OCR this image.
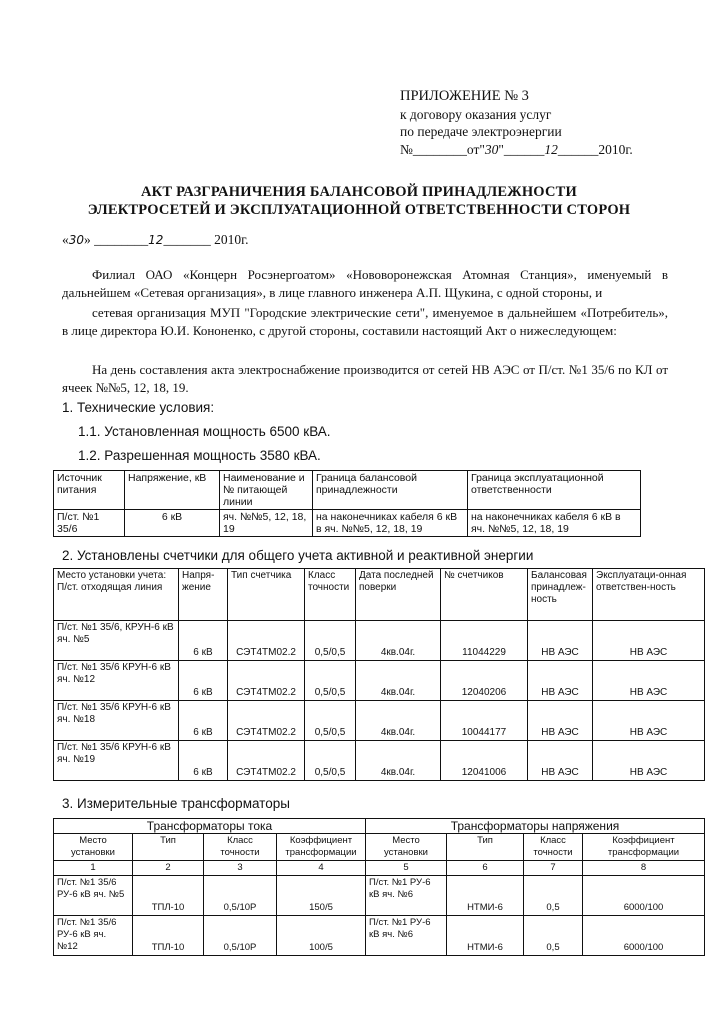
ПРИЛОЖЕНИЕ № 3
к договору оказания услуг
по передаче электроэнергии
№________от"30"______12______2010г.
АКТ РАЗГРАНИЧЕНИЯ БАЛАНСОВОЙ ПРИНАДЛЕЖНОСТИ
ЭЛЕКТРОСЕТЕЙ И ЭКСПЛУАТАЦИОННОЙ ОТВЕТСТВЕННОСТИ СТОРОН
«30» ________12_______ 2010г.
Филиал ОАО «Концерн Росэнергоатом» «Нововоронежская Атомная Станция», именуемый в дальнейшем «Сетевая организация», в лице главного инженера А.П. Щукина, с одной стороны, и
сетевая организация МУП "Городские электрические сети", именуемое в дальнейшем «Потребитель», в лице директора Ю.И. Кононенко, с другой стороны, составили настоящий Акт о нижеследующем:
На день составления акта электроснабжение производится от сетей НВ АЭС от П/ст. №1 35/6 по КЛ от ячеек №№5, 12, 18, 19.
1. Технические условия:
1.1. Установленная мощность 6500 кВА.
1.2. Разрешенная мощность 3580 кВА.
Источник питания	Напряжение, кВ	Наименование и № питающей линии	Граница балансовой принадлежности	Граница эксплуатационной ответственности
П/ст. №1 35/6	6 кВ	яч. №№5, 12, 18, 19	на наконечниках кабеля 6 кВ в яч. №№5, 12, 18, 19	на наконечниках кабеля 6 кВ в яч. №№5, 12, 18, 19
2. Установлены счетчики для общего учета активной и реактивной энергии
Место установки учета: П/ст. отходящая линия	Напря-жение	Тип счетчика	Класс точности	Дата последней поверки	№ счетчиков	Балансовая принадлеж-ность	Эксплуатаци-онная ответствен-ность
П/ст. №1 35/6, КРУН-6 кВ яч. №5	6 кВ	СЭТ4ТМ02.2	0,5/0,5	4кв.04г.	11044229	НВ АЭС	НВ АЭС
П/ст. №1 35/6 КРУН-6 кВ яч. №12	6 кВ	СЭТ4ТМ02.2	0,5/0,5	4кв.04г.	12040206	НВ АЭС	НВ АЭС
П/ст. №1 35/6 КРУН-6 кВ яч. №18	6 кВ	СЭТ4ТМ02.2	0,5/0,5	4кв.04г.	10044177	НВ АЭС	НВ АЭС
П/ст. №1 35/6 КРУН-6 кВ яч. №19	6 кВ	СЭТ4ТМ02.2	0,5/0,5	4кв.04г.	12041006	НВ АЭС	НВ АЭС
3. Измерительные трансформаторы
Трансформаторы тока				Трансформаторы напряжения			
Место установки	Тип	Класс точности	Коэффициент трансформации	Место установки	Тип	Класс точности	Коэффициент трансформации
1	2	3	4	5	6	7	8
П/ст. №1 35/6 РУ-6 кВ яч. №5	ТПЛ-10	0,5/10Р	150/5	П/ст. №1 РУ-6 кВ яч. №6	НТМИ-6	0,5	6000/100
П/ст. №1 35/6 РУ-6 кВ яч. №12	ТПЛ-10	0,5/10Р	100/5	П/ст. №1 РУ-6 кВ яч. №6	НТМИ-6	0,5	6000/100
